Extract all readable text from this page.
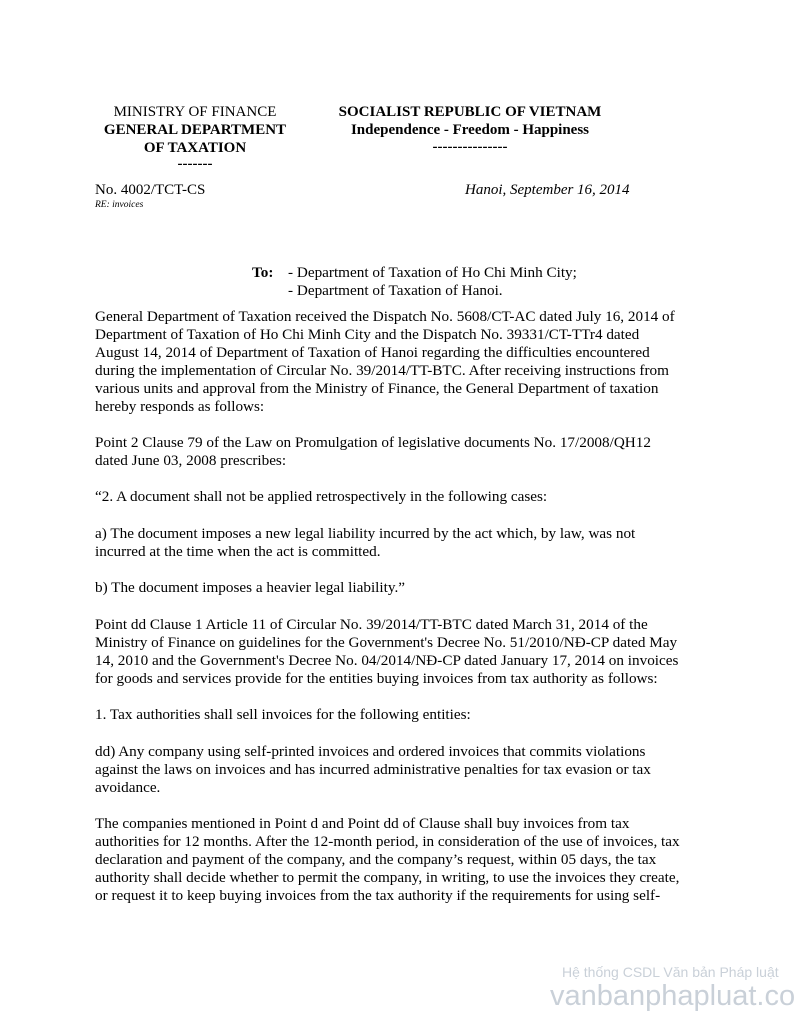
MINISTRY OF FINANCE
GENERAL DEPARTMENT
OF TAXATION
-------
SOCIALIST REPUBLIC OF VIETNAM
Independence - Freedom - Happiness
---------------
No. 4002/TCT-CS
RE: invoices
Hanoi, September 16, 2014
To: - Department of Taxation of Ho Chi Minh City;
- Department of Taxation of Hanoi.
General Department of Taxation received the Dispatch No. 5608/CT-AC dated July 16, 2014 of
Department of Taxation of Ho Chi Minh City and the Dispatch No. 39331/CT-TTr4 dated
August 14, 2014 of Department of Taxation of Hanoi regarding the difficulties encountered
during the implementation of Circular No. 39/2014/TT-BTC. After receiving instructions from
various units and approval from the Ministry of Finance, the General Department of taxation
hereby responds as follows:
Point 2 Clause 79 of the Law on Promulgation of legislative documents No. 17/2008/QH12
dated June 03, 2008 prescribes:
“2. A document shall not be applied retrospectively in the following cases:
a) The document imposes a new legal liability incurred by the act which, by law, was not
incurred at the time when the act is committed.
b) The document imposes a heavier legal liability.”
Point dd Clause 1 Article 11 of Circular No. 39/2014/TT-BTC dated March 31, 2014 of the
Ministry of Finance on guidelines for the Government's Decree No. 51/2010/NĐ-CP dated May
14, 2010 and the Government's Decree No. 04/2014/NĐ-CP dated January 17, 2014 on invoices
for goods and services provide for the entities buying invoices from tax authority as follows:
1. Tax authorities shall sell invoices for the following entities:
dd) Any company using self-printed invoices and ordered invoices that commits violations
against the laws on invoices and has incurred administrative penalties for tax evasion or tax
avoidance.
The companies mentioned in Point d and Point dd of Clause shall buy invoices from tax
authorities for 12 months. After the 12-month period, in consideration of the use of invoices, tax
declaration and payment of the company, and the company’s request, within 05 days, the tax
authority shall decide whether to permit the company, in writing, to use the invoices they create,
or request it to keep buying invoices from the tax authority if the requirements for using self-
Hệ thống CSDL Văn bản Pháp luật
vanbanphapluat.co
